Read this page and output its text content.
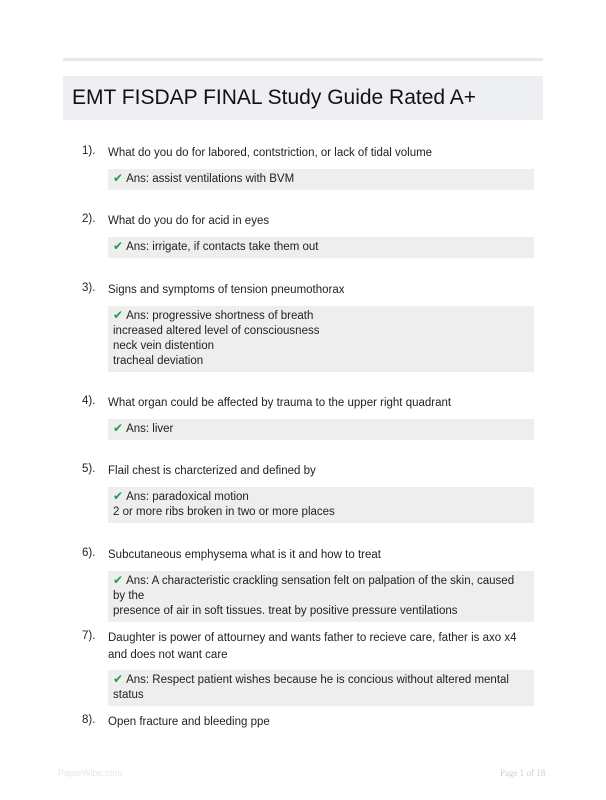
EMT FISDAP FINAL Study Guide Rated A+
1). What do you do for labored, contstriction, or lack of tidal volume
✔ Ans: assist ventilations with BVM
2). What do you do for acid in eyes
✔ Ans: irrigate, if contacts take them out
3). Signs and symptoms of tension pneumothorax
✔ Ans: progressive shortness of breath
increased altered level of consciousness
neck vein distention
tracheal deviation
4). What organ could be affected by trauma to the upper right quadrant
✔ Ans: liver
5). Flail chest is charcterized and defined by
✔ Ans: paradoxical motion
2 or more ribs broken in two or more places
6). Subcutaneous emphysema what is it and how to treat
✔ Ans: A characteristic crackling sensation felt on palpation of the skin, caused by the
presence of air in soft tissues. treat by positive pressure ventilations
7). Daughter is power of attourney and wants father to recieve care, father is axo x4 and does not want care
✔ Ans: Respect patient wishes because he is concious without altered mental status
8). Open fracture and bleeding ppe
PaperWibe.com	Page 1 of 18
